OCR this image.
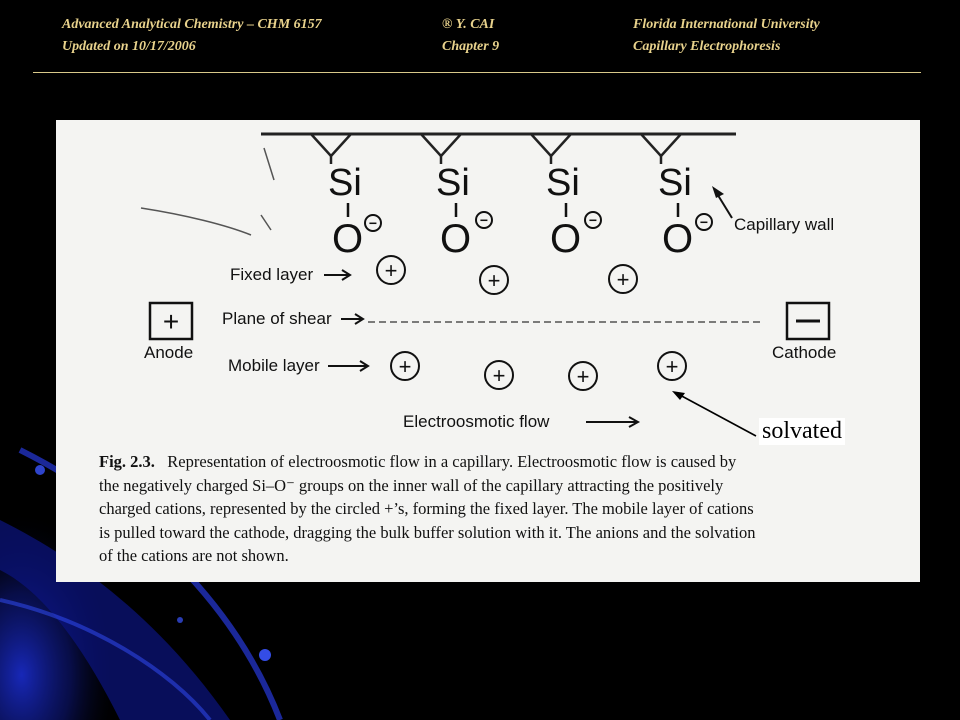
Advanced Analytical Chemistry – CHM 6157
Updated on 10/17/2006
® Y. CAI
Chapter 9
Florida International University
Capillary Electrophoresis
Si Si Si Si
O O O O
−	−	−	− Capillary wall
Fixed layer
Plane of shear
Mobile layer
+	+	+
+	+	+	+
+
Anode	Cathode
Electroosmotic flow	solvated
Fig. 2.3. Representation of electroosmotic flow in a capillary. Electroosmotic flow is caused by
the negatively charged Si–O⁻ groups on the inner wall of the capillary attracting the positively
charged cations, represented by the circled +’s, forming the fixed layer. The mobile layer of cations
is pulled toward the cathode, dragging the bulk buffer solution with it. The anions and the solvation
of the cations are not shown.
